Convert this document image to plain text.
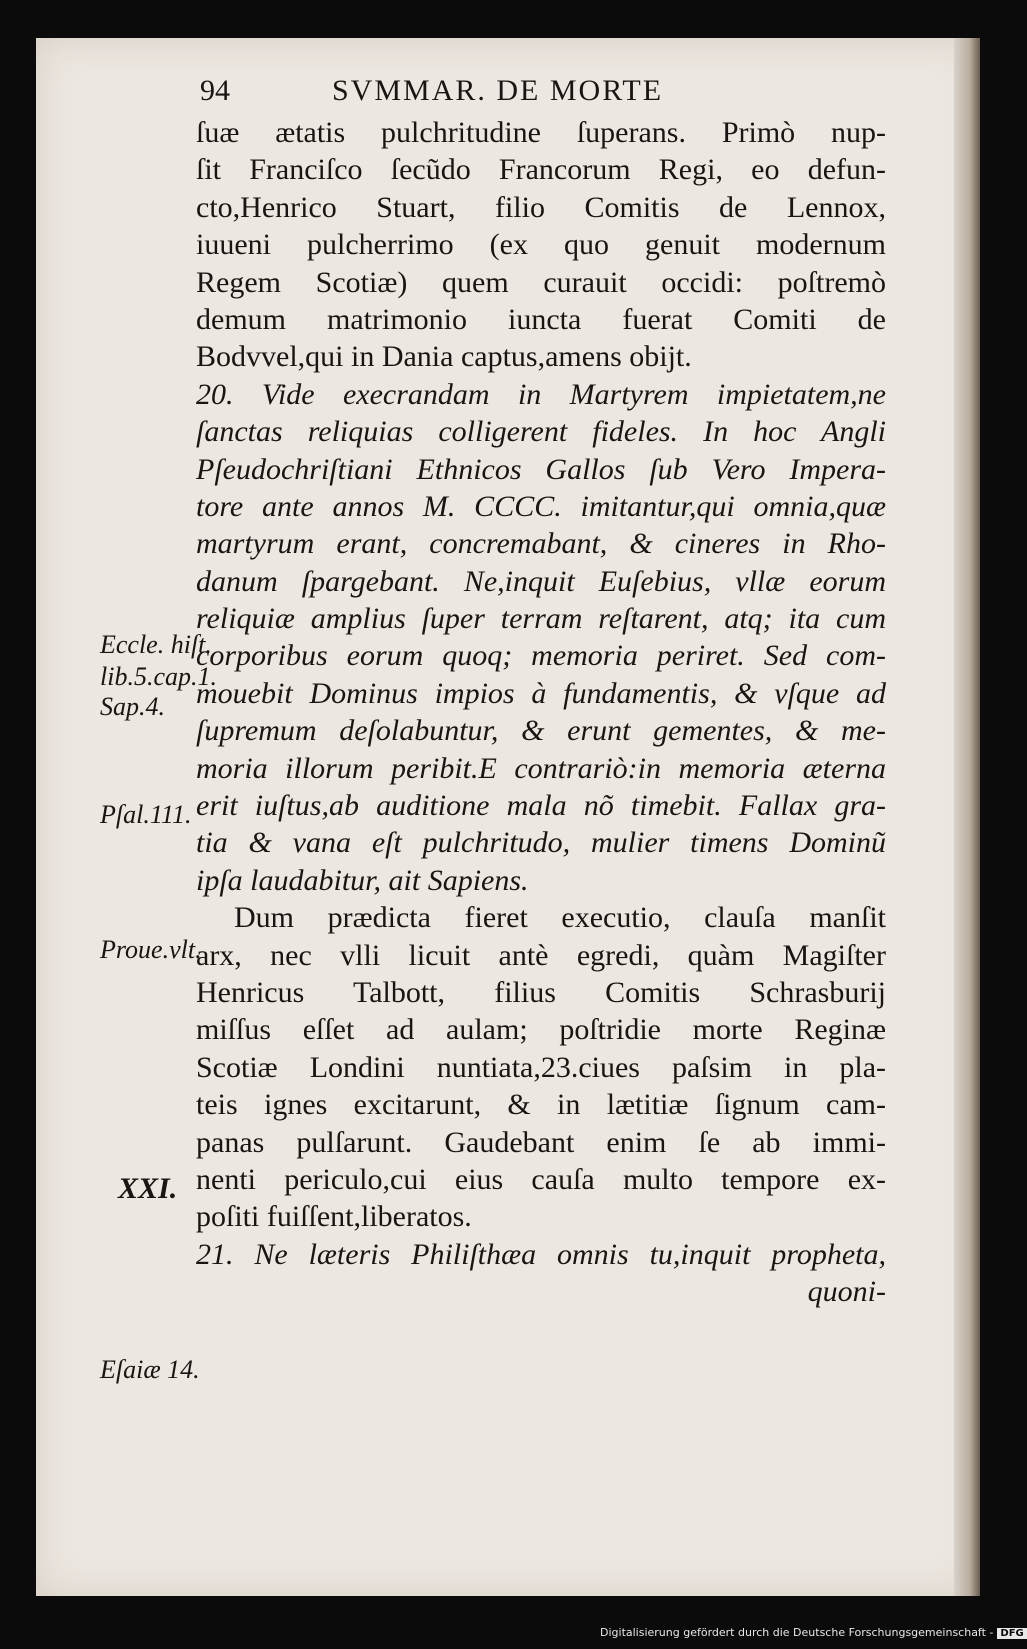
94	SVMMAR. DE MORTE
ſuæ ætatis pulchritudine ſuperans. Primò nup-
ſit Franciſco ſecũdo Francorum Regi, eo defun-
cto,Henrico Stuart, filio Comitis de Lennox,
iuueni pulcherrimo (ex quo genuit modernum
Regem Scotiæ) quem curauit occidi: poſtremò
demum matrimonio iuncta fuerat Comiti de
Bodvvel,qui in Dania captus,amens obijt.
20. Vide execrandam in Martyrem impietatem,ne
ſanctas reliquias colligerent fideles. In hoc Angli
Pſeudochriſtiani Ethnicos Gallos ſub Vero Impera-
tore ante annos M. CCCC. imitantur,qui omnia,quæ
martyrum erant, concremabant, & cineres in Rho-
danum ſpargebant. Ne,inquit Euſebius, vllæ eorum
reliquiæ amplius ſuper terram reſtarent, atq; ita cum
corporibus eorum quoq; memoria periret. Sed com-
mouebit Dominus impios à fundamentis, & vſque ad
ſupremum deſolabuntur, & erunt gementes, & me-
moria illorum peribit.E contrariò:in memoria æterna
erit iuſtus,ab auditione mala nõ timebit. Fallax gra-
tia & vana eſt pulchritudo, mulier timens Dominũ
ipſa laudabitur, ait Sapiens.
Dum prædicta fieret executio, clauſa manſit
arx, nec vlli licuit antè egredi, quàm Magiſter
Henricus Talbott, filius Comitis Schrasburij
miſſus eſſet ad aulam; poſtridie morte Reginæ
Scotiæ Londini nuntiata,23.ciues paſsim in pla-
teis ignes excitarunt, & in lætitiæ ſignum cam-
panas pulſarunt. Gaudebant enim ſe ab immi-
nenti periculo,cui eius cauſa multo tempore ex-
poſiti fuiſſent,liberatos.
21. Ne læteris Philiſthæa omnis tu,inquit propheta,
quoni-
Eccle. hiſt.
lib.5.cap.1.
Sap.4.
Pſal.111.
Proue.vlt.
XXI.
Eſaiæ 14.
Digitalisierung gefördert durch die Deutsche Forschungsgemeinschaft - DFG
